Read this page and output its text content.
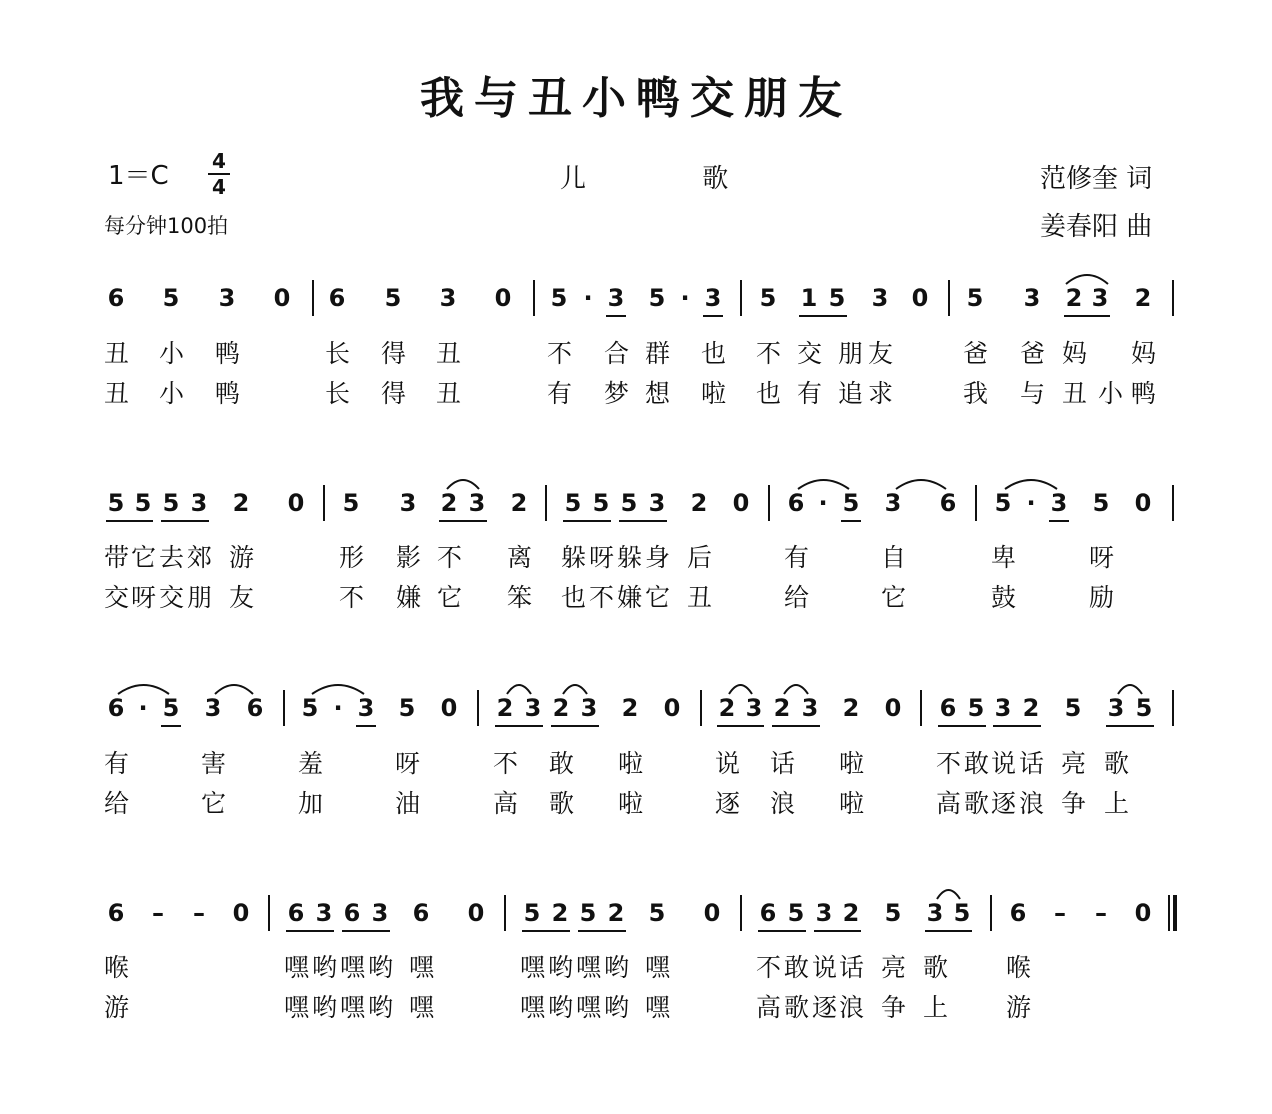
我与丑小鸭交朋友
1＝C 4
4	儿 歌
每分钟100拍
范修奎 词
姜春阳 曲
6 5 3 0 6 5 3 0 5 · 3 5 · 3 5 1 5 3 0 5 3 2 3 2
丑 小 鸭	长 得 丑	不 合 群 也 不 交 朋 友	爸 爸 妈 妈
丑 小 鸭	长 得 丑	有 梦 想 啦 也 有 追 求	我 与 丑 小 鸭
5 5 5 3 2 0 5 3 2 3 2 5 5 5 3 2 0 6 · 5 3 6 5 · 3 5 0
带 它 去 郊 游	形 影 不 离 躲 呀 躲 身 后	有	自	卑	呀
交 呀 交 朋 友	不 嫌 它 笨 也 不 嫌 它 丑	给	它	鼓	励
6 · 5 3 6 5 · 3 5 0 2 3 2 3 2 0 2 3 2 3 2 0 6 5 3 2 5 3 5
有	害	羞	呀	不 敢 啦	说 话 啦	不 敢 说 话 亮 歌
给	它	加	油	高 歌 啦	逐 浪 啦	高 歌 逐 浪 争 上
6 – – 0 6 3 6 3 6 0 5 2 5 2 5 0 6 5 3 2 5 3 5 6 – – 0
喉	嘿 哟 嘿 哟 嘿	嘿 哟 嘿 哟 嘿	不 敢 说 话 亮 歌 喉
游	嘿 哟 嘿 哟 嘿	嘿 哟 嘿 哟 嘿	高 歌 逐 浪 争 上 游
